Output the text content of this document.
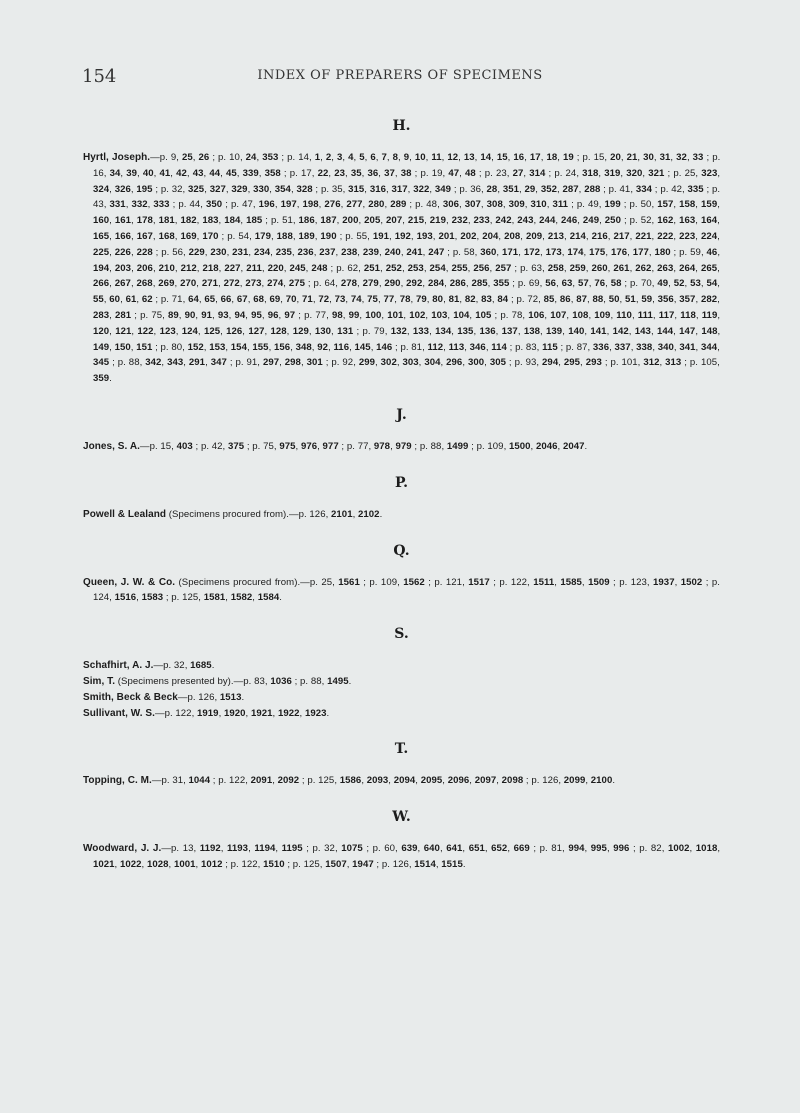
154	INDEX OF PREPARERS OF SPECIMENS
H.

Hyrtl, Joseph.—p. 9, 25, 26 ; p. 10, 24, 353 ; p. 14, 1, 2, 3, 4, 5, 6, 7, 8, 9, 10, 11, 12, 13, 14, 15, 16, 17, 18, 19 ; p. 15, 20, 21, 30, 31, 32, 33 ; p. 16, 34, 39, 40, 41, 42, 43, 44, 45, 339, 358 ; p. 17, 22, 23, 35, 36, 37, 38 ; p. 19, 47, 48 ; p. 23, 27, 314 ; p. 24, 318, 319, 320, 321 ; p. 25, 323, 324, 326, 195 ; p. 32, 325, 327, 329, 330, 354, 328 ; p. 35, 315, 316, 317, 322, 349 ; p. 36, 28, 351, 29, 352, 287, 288 ; p. 41, 334 ; p. 42, 335 ; p. 43, 331, 332, 333 ; p. 44, 350 ; p. 47, 196, 197, 198, 276, 277, 280, 289 ; p. 48, 306, 307, 308, 309, 310, 311 ; p. 49, 199 ; p. 50, 157, 158, 159, 160, 161, 178, 181, 182, 183, 184, 185 ; p. 51, 186, 187, 200, 205, 207, 215, 219, 232, 233, 242, 243, 244, 246, 249, 250 ; p. 52, 162, 163, 164, 165, 166, 167, 168, 169, 170 ; p. 54, 179, 188, 189, 190 ; p. 55, 191, 192, 193, 201, 202, 204, 208, 209, 213, 214, 216, 217, 221, 222, 223, 224, 225, 226, 228 ; p. 56, 229, 230, 231, 234, 235, 236, 237, 238, 239, 240, 241, 247 ; p. 58, 360, 171, 172, 173, 174, 175, 176, 177, 180 ; p. 59, 46, 194, 203, 206, 210, 212, 218, 227, 211, 220, 245, 248 ; p. 62, 251, 252, 253, 254, 255, 256, 257 ; p. 63, 258, 259, 260, 261, 262, 263, 264, 265, 266, 267, 268, 269, 270, 271, 272, 273, 274, 275 ; p. 64, 278, 279, 290, 292, 284, 286, 285, 355 ; p. 69, 56, 63, 57, 76, 58 ; p. 70, 49, 52, 53, 54, 55, 60, 61, 62 ; p. 71, 64, 65, 66, 67, 68, 69, 70, 71, 72, 73, 74, 75, 77, 78, 79, 80, 81, 82, 83, 84 ; p. 72, 85, 86, 87, 88, 50, 51, 59, 356, 357, 282, 283, 281 ; p. 75, 89, 90, 91, 93, 94, 95, 96, 97 ; p. 77, 98, 99, 100, 101, 102, 103, 104, 105 ; p. 78, 106, 107, 108, 109, 110, 111, 117, 118, 119, 120, 121, 122, 123, 124, 125, 126, 127, 128, 129, 130, 131 ; p. 79, 132, 133, 134, 135, 136, 137, 138, 139, 140, 141, 142, 143, 144, 147, 148, 149, 150, 151 ; p. 80, 152, 153, 154, 155, 156, 348, 92, 116, 145, 146 ; p. 81, 112, 113, 346, 114 ; p. 83, 115 ; p. 87, 336, 337, 338, 340, 341, 344, 345 ; p. 88, 342, 343, 291, 347 ; p. 91, 297, 298, 301 ; p. 92, 299, 302, 303, 304, 296, 300, 305 ; p. 93, 294, 295, 293 ; p. 101, 312, 313 ; p. 105, 359.

J.

Jones, S. A.—p. 15, 403 ; p. 42, 375 ; p. 75, 975, 976, 977 ; p. 77, 978, 979 ; p. 88, 1499 ; p. 109, 1500, 2046, 2047.

P.

Powell & Lealand (Specimens procured from).—p. 126, 2101, 2102.

Q.

Queen, J. W. & Co. (Specimens procured from).—p. 25, 1561 ; p. 109, 1562 ; p. 121, 1517 ; p. 122, 1511, 1585, 1509 ; p. 123, 1937, 1502 ; p. 124, 1516, 1583 ; p. 125, 1581, 1582, 1584.

S.

Schafhirt, A. J.—p. 32, 1685.

Sim, T. (Specimens presented by).—p. 83, 1036 ; p. 88, 1495.

Smith, Beck & Beck—p. 126, 1513.

Sullivant, W. S.—p. 122, 1919, 1920, 1921, 1922, 1923.

T.

Topping, C. M.—p. 31, 1044 ; p. 122, 2091, 2092 ; p. 125, 1586, 2093, 2094, 2095, 2096, 2097, 2098 ; p. 126, 2099, 2100.

W.

Woodward, J. J.—p. 13, 1192, 1193, 1194, 1195 ; p. 32, 1075 ; p. 60, 639, 640, 641, 651, 652, 669 ; p. 81, 994, 995, 996 ; p. 82, 1002, 1018, 1021, 1022, 1028, 1001, 1012 ; p. 122, 1510 ; p. 125, 1507, 1947 ; p. 126, 1514, 1515.
